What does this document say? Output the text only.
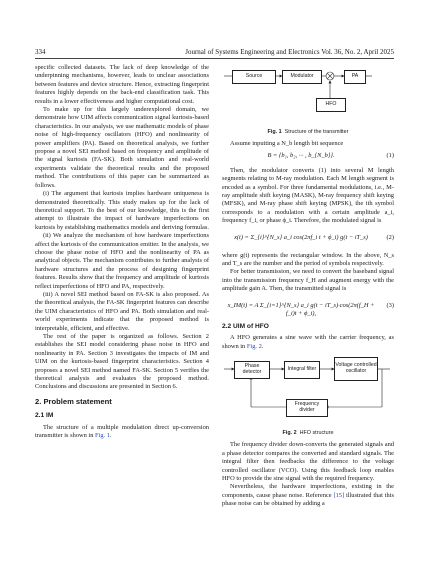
334	Journal of Systems Engineering and Electronics Vol. 36, No. 2, April 2025

specific collected datasets. The lack of deep knowledge of the underpinning mechanisms, however, leads to unclear associations between features and device structure. Hence, extracting fingerprint features highly depends on the back-end classification task. This results in a lower effectiveness and higher computational cost.

To make up for this largely underexplored domain, we demonstrate how UIM affects communication signal kurtosis-based characteristics. In our analysis, we use mathematic models of phase noise of high-frequency oscillators (HFO) and nonlinearity of power amplifiers (PA). Based on theoretical analysis, we further propose a novel SEI method based on frequency and amplitude of the signal kurtosis (FA-SK). Both simulation and real-world experiments validate the theoretical results and the proposed method. The contributions of this paper can be summarized as follows.

(i) The argument that kurtosis implies hardware uniqueness is demonstrated theoretically. This study makes up for the lack of theoretical support. To the best of our knowledge, this is the first attempt to illustrate the impact of hardware imperfections on kurtosis by establishing mathematics models and deriving formulas.

(ii) We analyze the mechanism of how hardware imperfections affect the kurtosis of the communication emitter. In the analysis, we choose the phase noise of HFO and the nonlinearity of PA as analytical objects. The mechanism contributes to further analysis of hardware structures and the process of designing fingerprint features. Results show that the frequency and amplitude of kurtosis reflect imperfections of HFO and PA, respectively.

(iii) A novel SEI method based on FA-SK is also proposed. As the theoretical analysis, the FA-SK fingerprint features can describe the UIM characteristics of HFO and PA. Both simulation and real-world experiments indicate that the proposed method is interpretable, efficient, and effective.

The rest of the paper is organized as follows. Section 2 establishes the SEI model considering phase noise in HFO and nonlinearity in PA. Section 3 investigates the impacts of IM and UIM on the kurtosis-based fingerprint characteristics. Section 4 proposes a novel SEI method named FA-SK. Section 5 verifies the theoretical analysis and evaluates the proposed method. Conclusions and discussions are presented in Section 6.

2. Problem statement
2.1 IM

The structure of a multiple modulation direct up-conversion transmitter is shown in Fig. 1.

Source	Modulator	PA
HFO
Fig. 1 Structure of the transmitter

Assume inputting a N_b length bit sequence

B = {b₁, b₂, ··· , b_{N_b}}.	(1)

Then, the modulator converts (1) into several M length segments relating to M-ray modulation. Each M length segment is encoded as a symbol. For three fundamental modulations, i.e., M-ray amplitude shift keying (MASK), M-ray frequency shift keying (MFSK), and M-ray phase shift keying (MPSK), the ith symbol corresponds to a modulation with a certain amplitude a_i, frequency f_i, or phase ϕ_i. Therefore, the modulated signal is

x(t) = Σ_{i}^{N_s} a_i cos(2πf_i t + ϕ_i) g(t − iT_s)	(2)

where g(t) represents the rectangular window. In the above, N_s and T_s are the number and the period of symbols respectively.

For better transmission, we need to convert the baseband signal into the transmission frequency f_H and augment energy with the amplitude gain A. Then, the transmitted signal is

x_IM(t) = A Σ_{i=1}^{N_s} a_i g(t − iT_s)·cos(2π(f_H + f_i)t + ϕ_i),
(3)
2.2 UIM of HFO

A HFO generates a sine wave with the carrier frequency, as shown in Fig. 2.

Phase detector	Integral filter
Voltage controlled oscillator
Frequency divider
Fig. 2 HFO structure

The frequency divider down-converts the generated signals and a phase detector compares the converted and standard signals. The integral filter then feedbacks the difference to the voltage controlled oscillator (VCO). Using this feedback loop enables HFO to provide the sine signal with the required frequency.

Nevertheless, the hardware imperfections, existing in the components, cause phase noise. Reference [15] illustrated that this phase noise can be obtained by adding a
